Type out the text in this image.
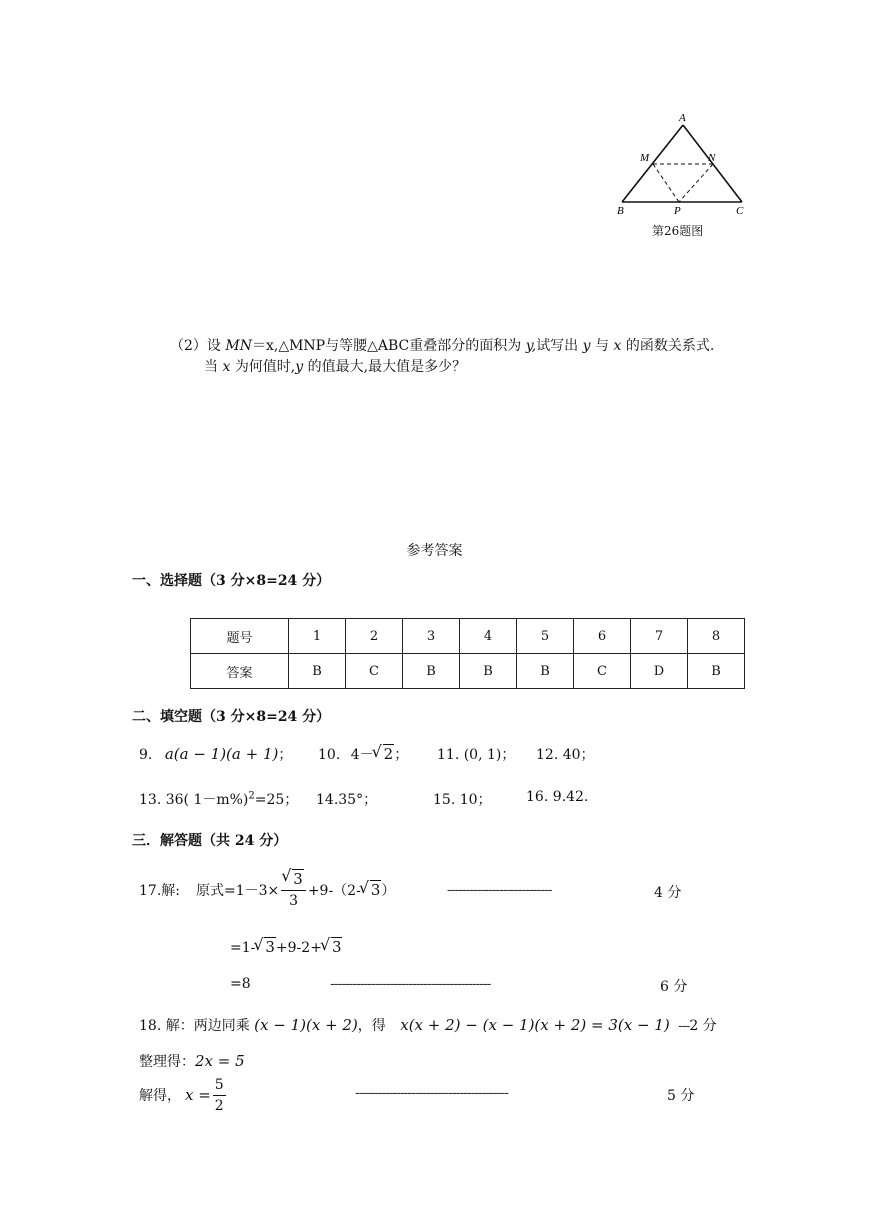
A
M	N
B	P	C
第26题图
（2）设 MN＝x,△MNP与等腰△ABC重叠部分的面积为 y,试写出 y 与 x 的函数关系式.
当 x 为何值时,y 的值最大,最大值是多少？
参考答案
一、选择题（3 分×8=24 分）
题号	1	2	3	4	5	6	7	8
答案	B	C	B	B	B	C	D	B
二、填空题（3 分×8=24 分）
9. a(a − 1)(a + 1)； 10. 4－ √ 2； 11. (0, 1)； 12. 40；
13. 36( 1－m%)$^2$=25； 14.35°；	15. 10； 16. 9.42.
三．解答题（共 24 分）
17.解: 原式=1－3× √ $\frac{3}{3} +9-(2-$ √ 3 ）	----------------------------	4 分
=1- √ 3+9-2+ √ 3
=8	-------------------------------------------	6 分
18. 解：两边同乘 (x − 1)(x + 2)，得 x(x + 2) − (x − 1)(x + 2) = 3(x − 1) ---2 分
整理得：2x = 5
解得， $x = \frac{5}{2}$	-----------------------------------------	5 分
